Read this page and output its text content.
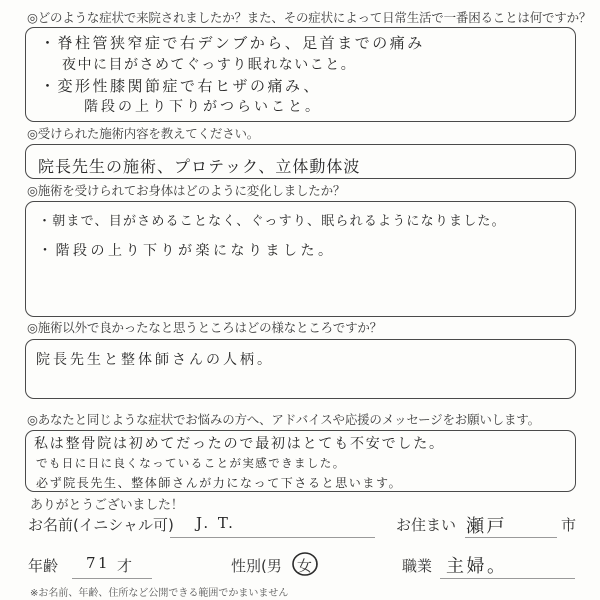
◎どのような症状で来院されましたか？また、その症状によって日常生活で一番困ることは何ですか？
・脊柱管狭窄症で右デンブから、足首までの痛み
夜中に目がさめてぐっすり眠れないこと。
・変形性膝関節症で右ヒザの痛み、
階段の上り下りがつらいこと。
◎受けられた施術内容を教えてください。
院長先生の施術、プロテック、立体動体波
◎施術を受けられてお身体はどのように変化しましたか？
・朝まで、目がさめることなく、ぐっすり、眠られるようになりました。
・階段の上り下りが楽になりました。
◎施術以外で良かったなと思うところはどの様なところですか？
院長先生と整体師さんの人柄。
◎あなたと同じような症状でお悩みの方へ、アドバイスや応援のメッセージをお願いします。
私は整骨院は初めてだったので最初はとても不安でした。
でも日に日に良くなっていることが実感できました。
必ず院長先生、整体師さんが力になって下さると思います。
ありがとうございました！
お名前(イニシャル可) J. T.	お住まい 瀬戸	市
年齢 71 才	性別(男 女 )	職業 主婦。
※お名前、年齢、住所など公開できる範囲でかまいません
